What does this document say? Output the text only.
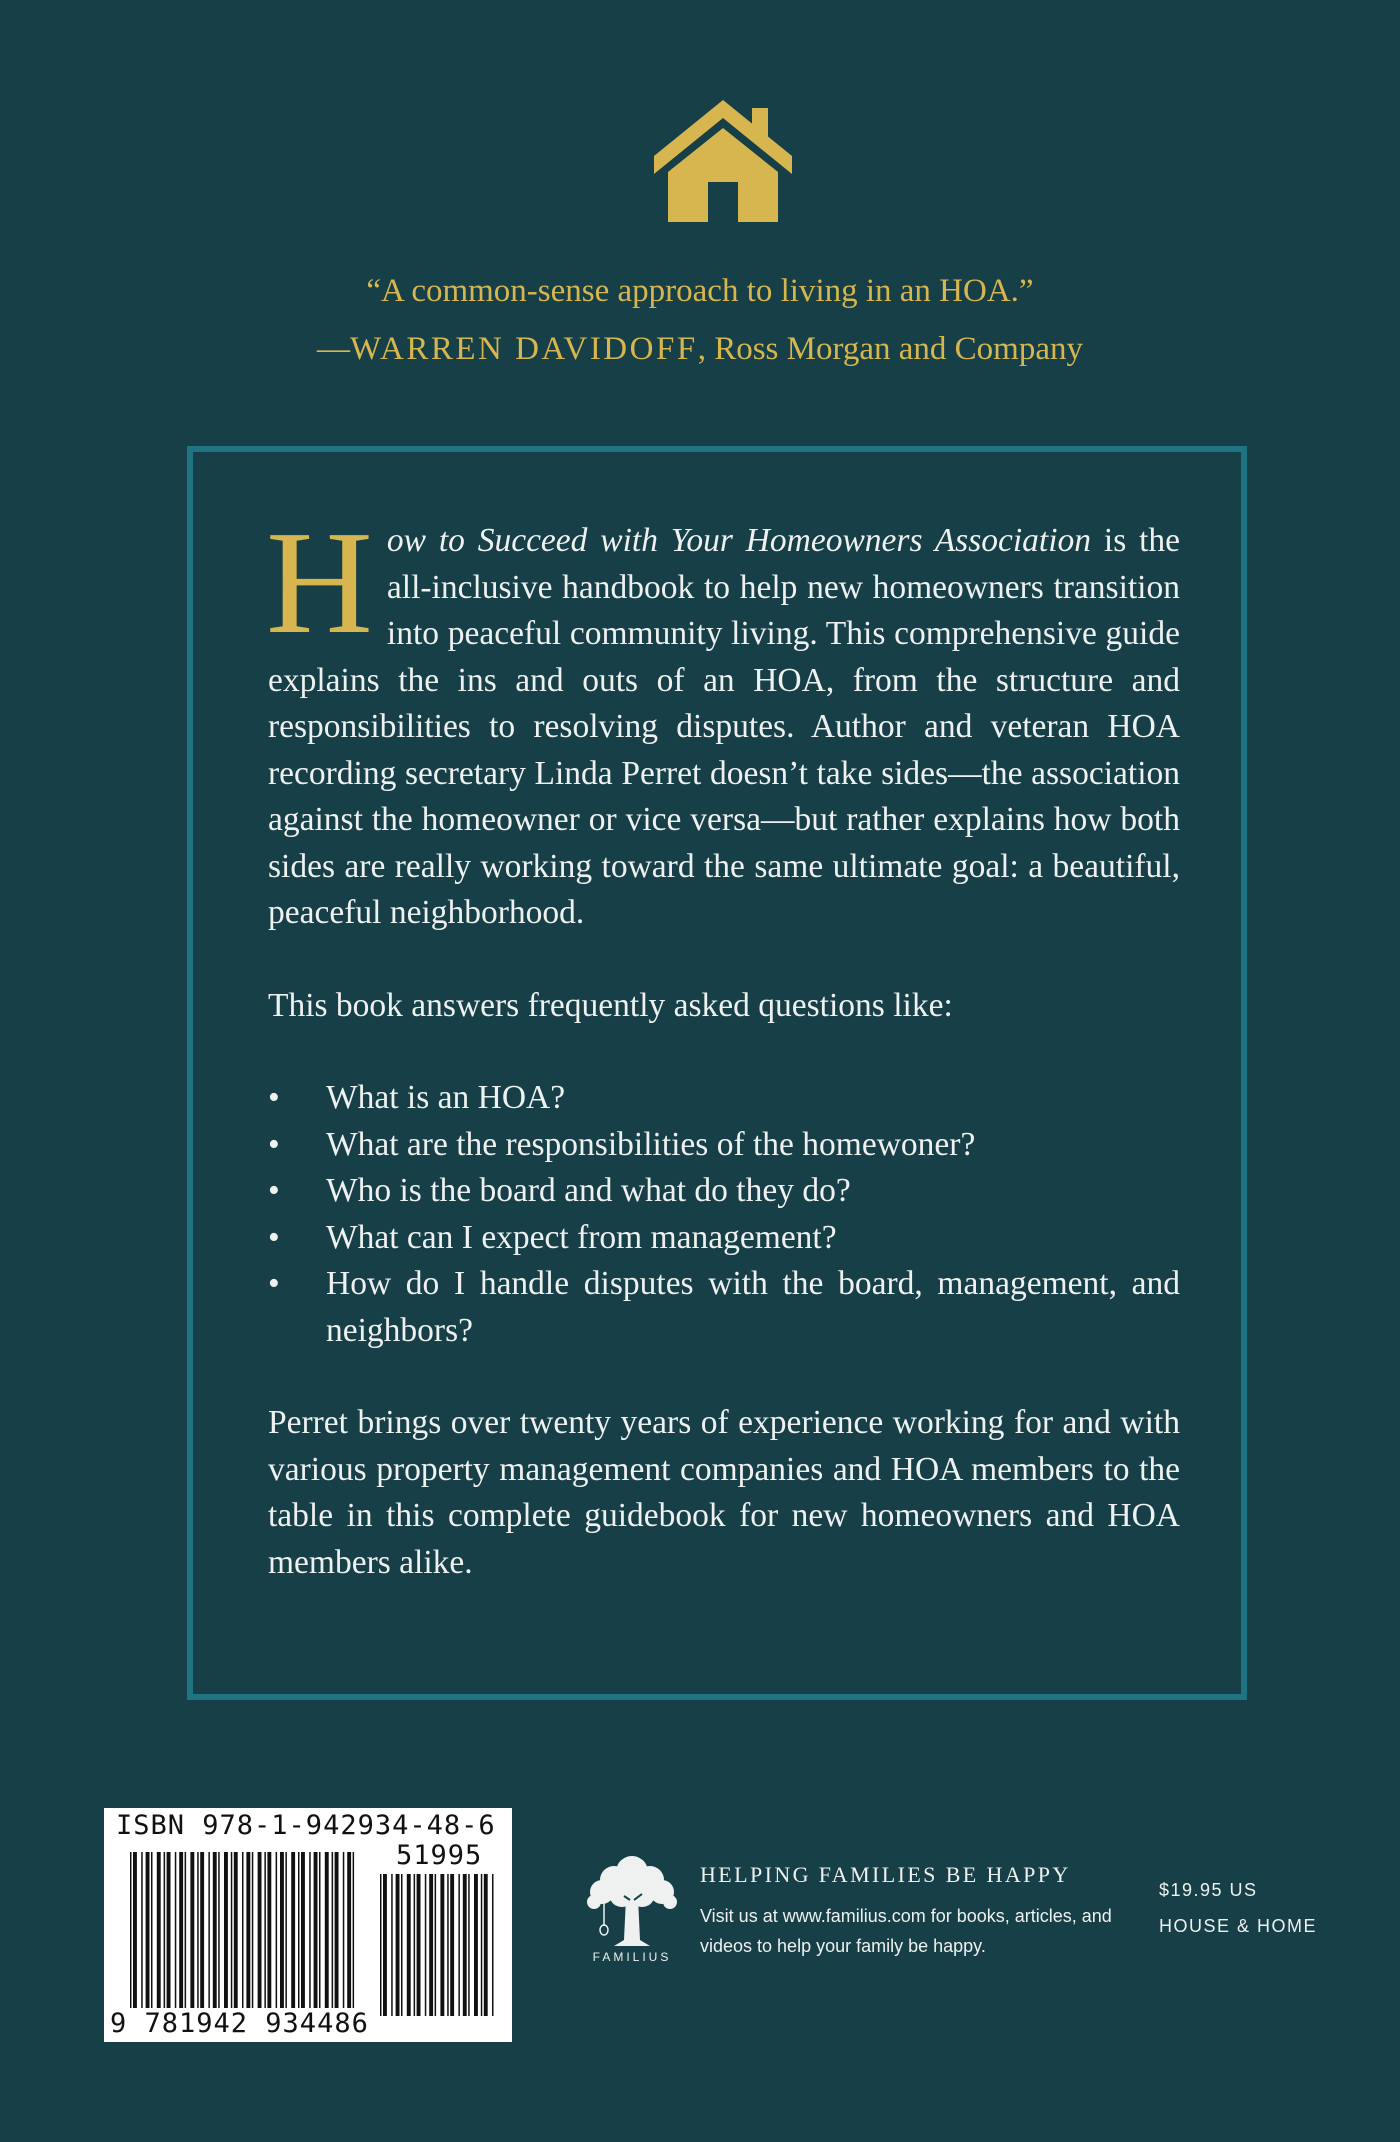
“A common-sense approach to living in an HOA.”
—WARREN DAVIDOFF, Ross Morgan and Company

How to Succeed with Your Homeowners Association is the all-inclusive handbook to help new homeowners transition into peaceful community living. This comprehensive guide explains the ins and outs of an HOA, from the structure and responsibilities to resolving disputes. Author and veteran HOA recording secretary Linda Perret doesn’t take sides—the association against the homeowner or vice versa—but rather explains how both sides are really working toward the same ultimate goal: a beautiful, peaceful neighborhood.

This book answers frequently asked questions like:

• What is an HOA?
• What are the responsibilities of the homewoner?
• Who is the board and what do they do?
• What can I expect from management?
• How do I handle disputes with the board, management, and neighbors?

Perret brings over twenty years of experience working for and with various property management companies and HOA members to the table in this complete guidebook for new homeowners and HOA members alike.

ISBN 978-1-942934-48-6
51995
9 781942 934486
FAMILIUS
HELPING FAMILIES BE HAPPY
Visit us at www.familius.com for books, articles, and videos to help your family be happy.
$19.95 US
HOUSE & HOME
